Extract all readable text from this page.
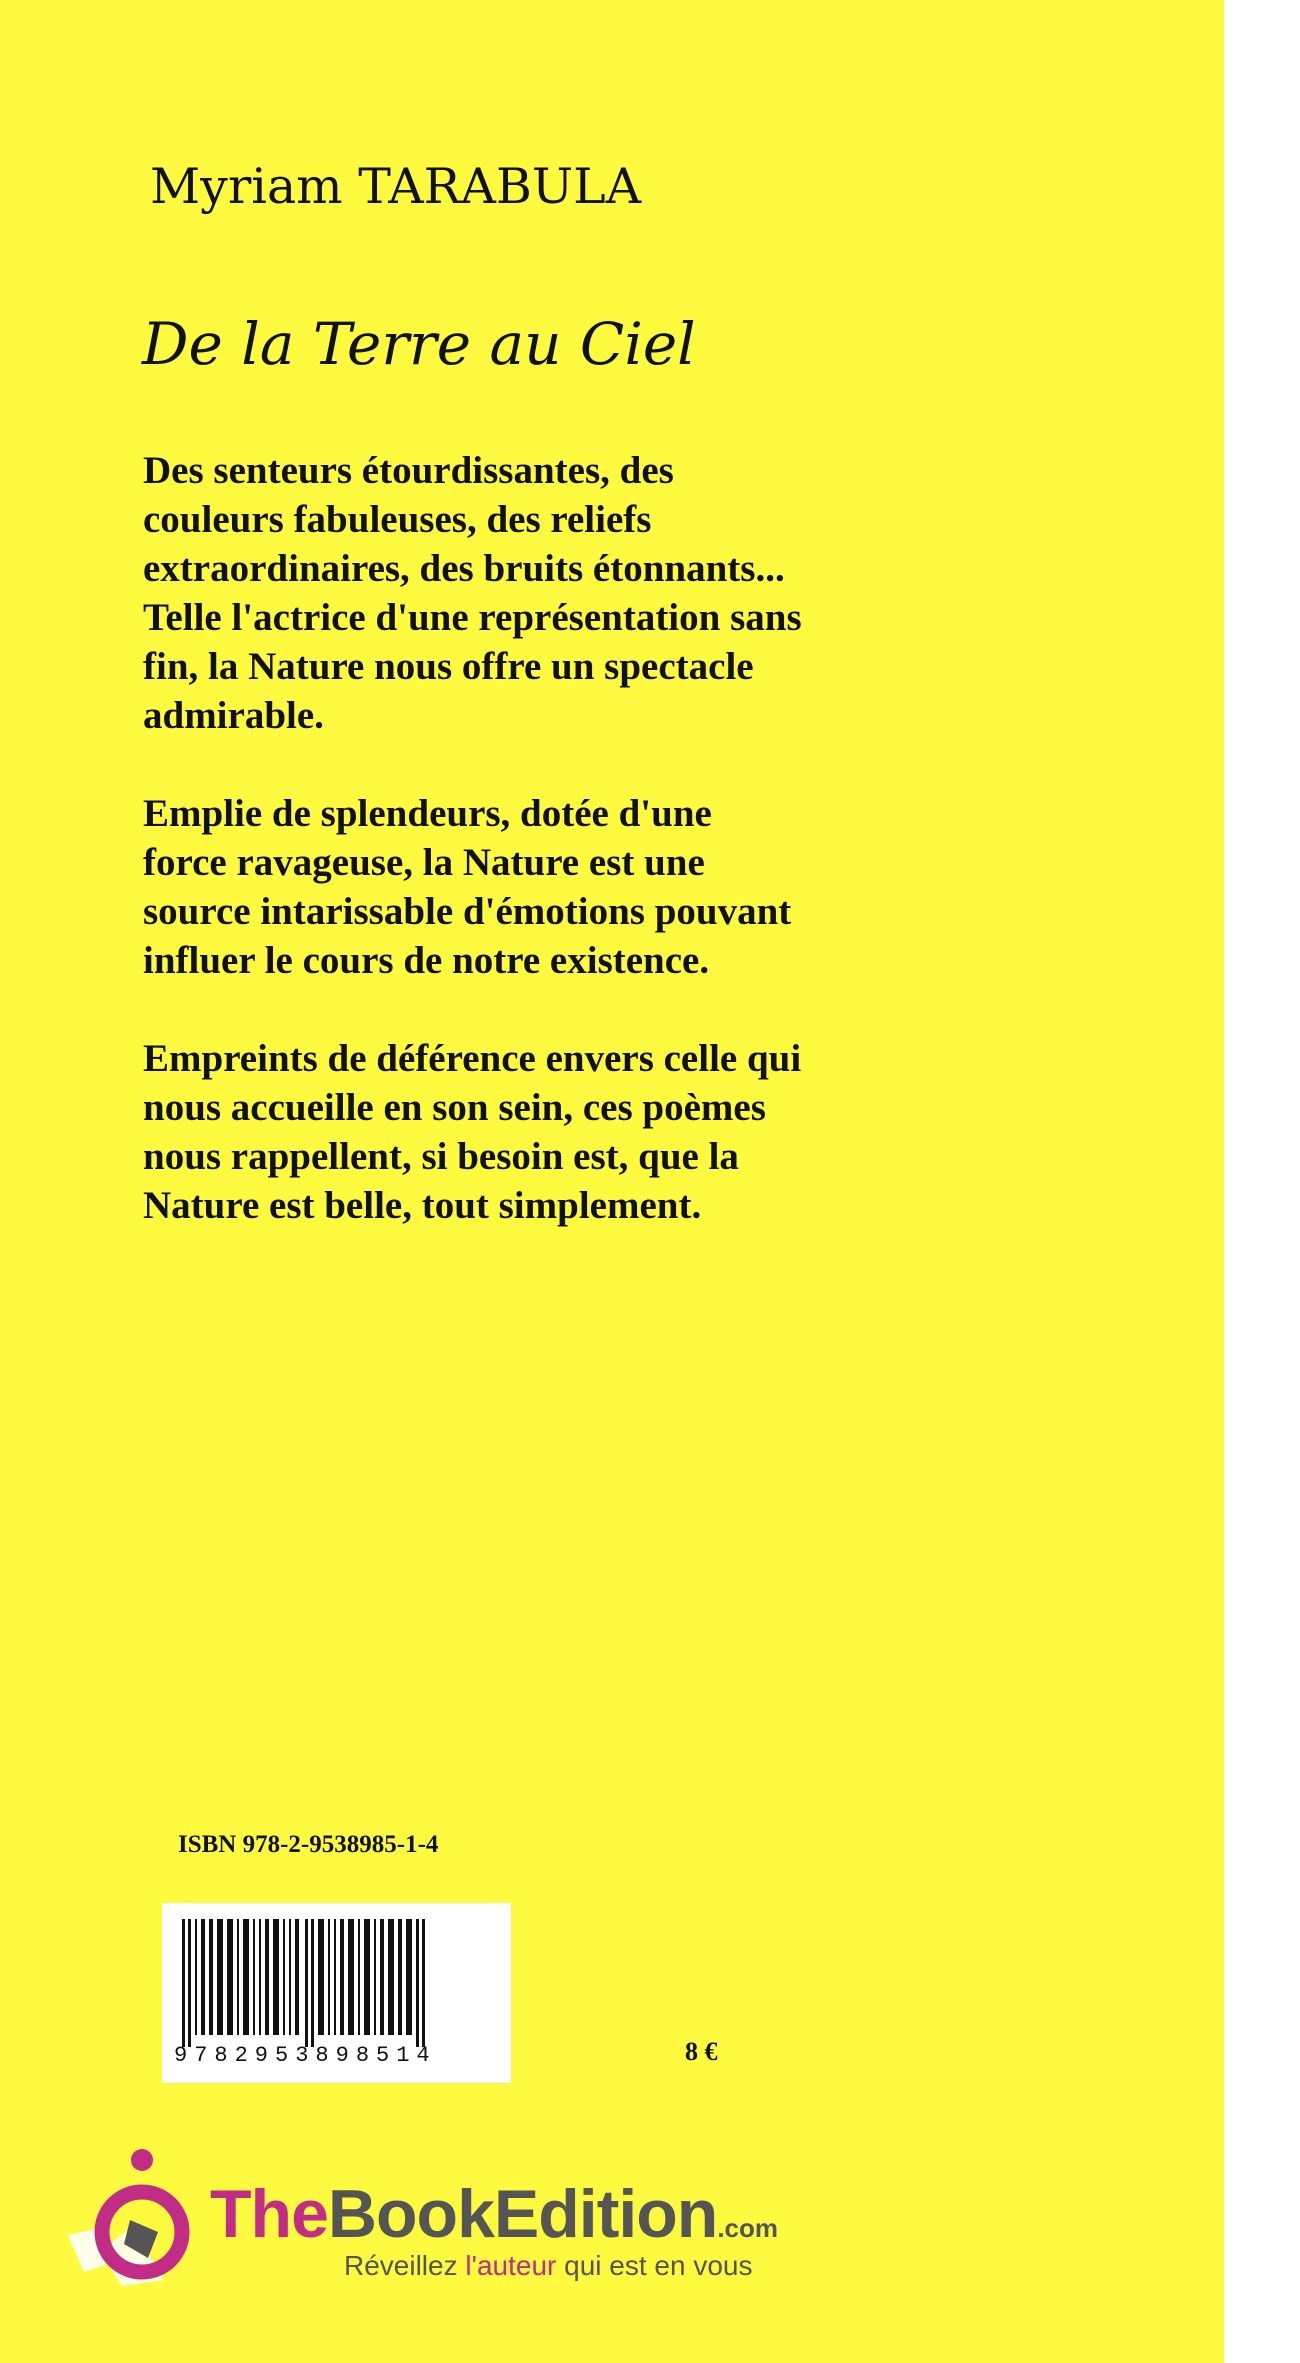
Myriam TARABULA
De la Terre au Ciel

Des senteurs étourdissantes, des
couleurs fabuleuses, des reliefs
extraordinaires, des bruits étonnants...
Telle l'actrice d'une représentation sans
fin, la Nature nous offre un spectacle
admirable.

Emplie de splendeurs, dotée d'une
force ravageuse, la Nature est une
source intarissable d'émotions pouvant
influer le cours de notre existence.

Empreints de déférence envers celle qui
nous accueille en son sein, ces poèmes
nous rappellent, si besoin est, que la
Nature est belle, tout simplement.

ISBN 978-2-9538985-1-4
9782953898514	8 €
TheBookEdition.com
Réveillez l'auteur qui est en vous
